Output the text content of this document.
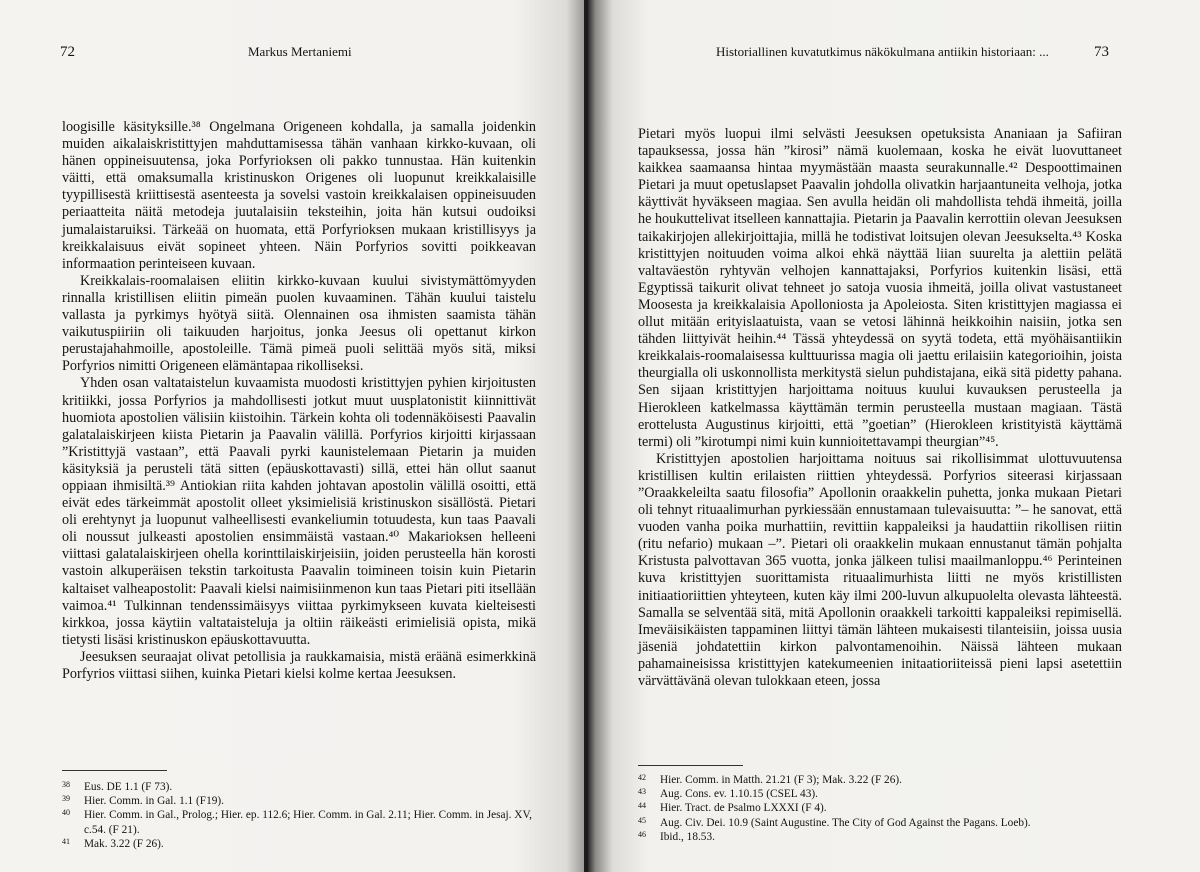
72	Markus Mertaniemi

loogisille käsityksille.³⁸ Ongelmana Origeneen kohdalla, ja samalla joidenkin muiden aikalaiskristittyjen mahduttamisessa tähän vanhaan kirkko-kuvaan, oli hänen oppineisuutensa, joka Porfyrioksen oli pakko tunnustaa. Hän kuitenkin väitti, että omaksumalla kristinuskon Origenes oli luopunut kreikkalaisille tyypillisestä kriittisestä asenteesta ja sovelsi vastoin kreikkalaisen oppineisuuden periaatteita näitä metodeja juutalaisiin teksteihin, joita hän kutsui oudoiksi jumalaistaruiksi. Tärkeää on huomata, että Porfyrioksen mukaan kristillisyys ja kreikkalaisuus eivät sopineet yhteen. Näin Porfyrios sovitti poikkeavan informaation perinteiseen kuvaan.

Kreikkalais-roomalaisen eliitin kirkko-kuvaan kuului sivistymättömyyden rinnalla kristillisen eliitin pimeän puolen kuvaaminen. Tähän kuului taistelu vallasta ja pyrkimys hyötyä siitä. Olennainen osa ihmisten saamista tähän vaikutuspiiriin oli taikuuden harjoitus, jonka Jeesus oli opettanut kirkon perustajahahmoille, apostoleille. Tämä pimeä puoli selittää myös sitä, miksi Porfyrios nimitti Origeneen elämäntapaa rikolliseksi.

Yhden osan valtataistelun kuvaamista muodosti kristittyjen pyhien kirjoitusten kritiikki, jossa Porfyrios ja mahdollisesti jotkut muut uusplatonistit kiinnittivät huomiota apostolien välisiin kiistoihin. Tärkein kohta oli todennäköisesti Paavalin galatalaiskirjeen kiista Pietarin ja Paavalin välillä. Porfyrios kirjoitti kirjassaan ”Kristittyjä vastaan”, että Paavali pyrki kaunistelemaan Pietarin ja muiden käsityksiä ja perusteli tätä sitten (epäuskottavasti) sillä, ettei hän ollut saanut oppiaan ihmisiltä.³⁹ Antiokian riita kahden johtavan apostolin välillä osoitti, että eivät edes tärkeimmät apostolit olleet yksimielisiä kristinuskon sisällöstä. Pietari oli erehtynyt ja luopunut valheellisesti evankeliumin totuudesta, kun taas Paavali oli noussut julkeasti apostolien ensimmäistä vastaan.⁴⁰ Makarioksen helleeni viittasi galatalaiskirjeen ohella korinttilaiskirjeisiin, joiden perusteella hän korosti vastoin alkuperäisen tekstin tarkoitusta Paavalin toimineen toisin kuin Pietarin kaltaiset valheapostolit: Paavali kielsi naimisiinmenon kun taas Pietari piti itsellään vaimoa.⁴¹ Tulkinnan tendenssimäisyys viittaa pyrkimykseen kuvata kielteisesti kirkkoa, jossa käytiin valtataisteluja ja oltiin räikeästi erimielisiä opista, mikä tietysti lisäsi kristinuskon epäuskottavuutta.

Jeesuksen seuraajat olivat petollisia ja raukkamaisia, mistä eräänä esimerkkinä Porfyrios viittasi siihen, kuinka Pietari kielsi kolme kertaa Jeesuksen.

38 Eus. DE 1.1 (F 73).
39 Hier. Comm. in Gal. 1.1 (F19).
40 Hier. Comm. in Gal., Prolog.; Hier. ep. 112.6; Hier. Comm. in Gal. 2.11; Hier. Comm. in Jesaj. XV, c.54. (F 21).
41 Mak. 3.22 (F 26).
Historiallinen kuvatutkimus näkökulmana antiikin historiaan: ...	73

Pietari myös luopui ilmi selvästi Jeesuksen opetuksista Ananiaan ja Safiiran tapauksessa, jossa hän ”kirosi” nämä kuolemaan, koska he eivät luovuttaneet kaikkea saamaansa hintaa myymästään maasta seurakunnalle.⁴² Despoottimainen Pietari ja muut opetuslapset Paavalin johdolla olivatkin harjaantuneita velhoja, jotka käyttivät hyväkseen magiaa. Sen avulla heidän oli mahdollista tehdä ihmeitä, joilla he houkuttelivat itselleen kannattajia. Pietarin ja Paavalin kerrottiin olevan Jeesuksen taikakirjojen allekirjoittajia, millä he todistivat loitsujen olevan Jeesukselta.⁴³ Koska kristittyjen noituuden voima alkoi ehkä näyttää liian suurelta ja alettiin pelätä valtaväestön ryhtyvän velhojen kannattajaksi, Porfyrios kuitenkin lisäsi, että Egyptissä taikurit olivat tehneet jo satoja vuosia ihmeitä, joilla olivat vastustaneet Moosesta ja kreikkalaisia Apolloniosta ja Apoleiosta. Siten kristittyjen magiassa ei ollut mitään erityislaatuista, vaan se vetosi lähinnä heikkoihin naisiin, jotka sen tähden liittyivät heihin.⁴⁴ Tässä yhteydessä on syytä todeta, että myöhäisantiikin kreikkalais-roomalaisessa kulttuurissa magia oli jaettu erilaisiin kategorioihin, joista theurgialla oli uskonnollista merkitystä sielun puhdistajana, eikä sitä pidetty pahana. Sen sijaan kristittyjen harjoittama noituus kuului kuvauksen perusteella ja Hierokleen katkelmassa käyttämän termin perusteella mustaan magiaan. Tästä erottelusta Augustinus kirjoitti, että ”goetian” (Hierokleen kristityistä käyttämä termi) oli ”kirotumpi nimi kuin kunnioitettavampi theurgian”⁴⁵.

Kristittyjen apostolien harjoittama noituus sai rikollisimmat ulottuvuutensa kristillisen kultin erilaisten riittien yhteydessä. Porfyrios siteerasi kirjassaan ”Oraakkeleilta saatu filosofia” Apollonin oraakkelin puhetta, jonka mukaan Pietari oli tehnyt rituaalimurhan pyrkiessään ennustamaan tulevaisuutta: ”– he sanovat, että vuoden vanha poika murhattiin, revittiin kappaleiksi ja haudattiin rikollisen riitin (ritu nefario) mukaan –”. Pietari oli oraakkelin mukaan ennustanut tämän pohjalta Kristusta palvottavan 365 vuotta, jonka jälkeen tulisi maailmanloppu.⁴⁶ Perinteinen kuva kristittyjen suorittamista rituaalimurhista liitti ne myös kristillisten initiaatioriittien yhteyteen, kuten käy ilmi 200-luvun alkupuolelta olevasta lähteestä. Samalla se selventää sitä, mitä Apollonin oraakkeli tarkoitti kappaleiksi repimisellä. Imeväisikäisten tappaminen liittyi tämän lähteen mukaisesti tilanteisiin, joissa uusia jäseniä johdatettiin kirkon palvontamenoihin. Näissä lähteen mukaan pahamaineisissa kristittyjen katekumeenien initaatioriiteissä pieni lapsi asetettiin värvättävänä olevan tulokkaan eteen, jossa

42 Hier. Comm. in Matth. 21.21 (F 3); Mak. 3.22 (F 26).
43 Aug. Cons. ev. 1.10.15 (CSEL 43).
44 Hier. Tract. de Psalmo LXXXI (F 4).
45 Aug. Civ. Dei. 10.9 (Saint Augustine. The City of God Against the Pagans. Loeb).
46 Ibid., 18.53.
